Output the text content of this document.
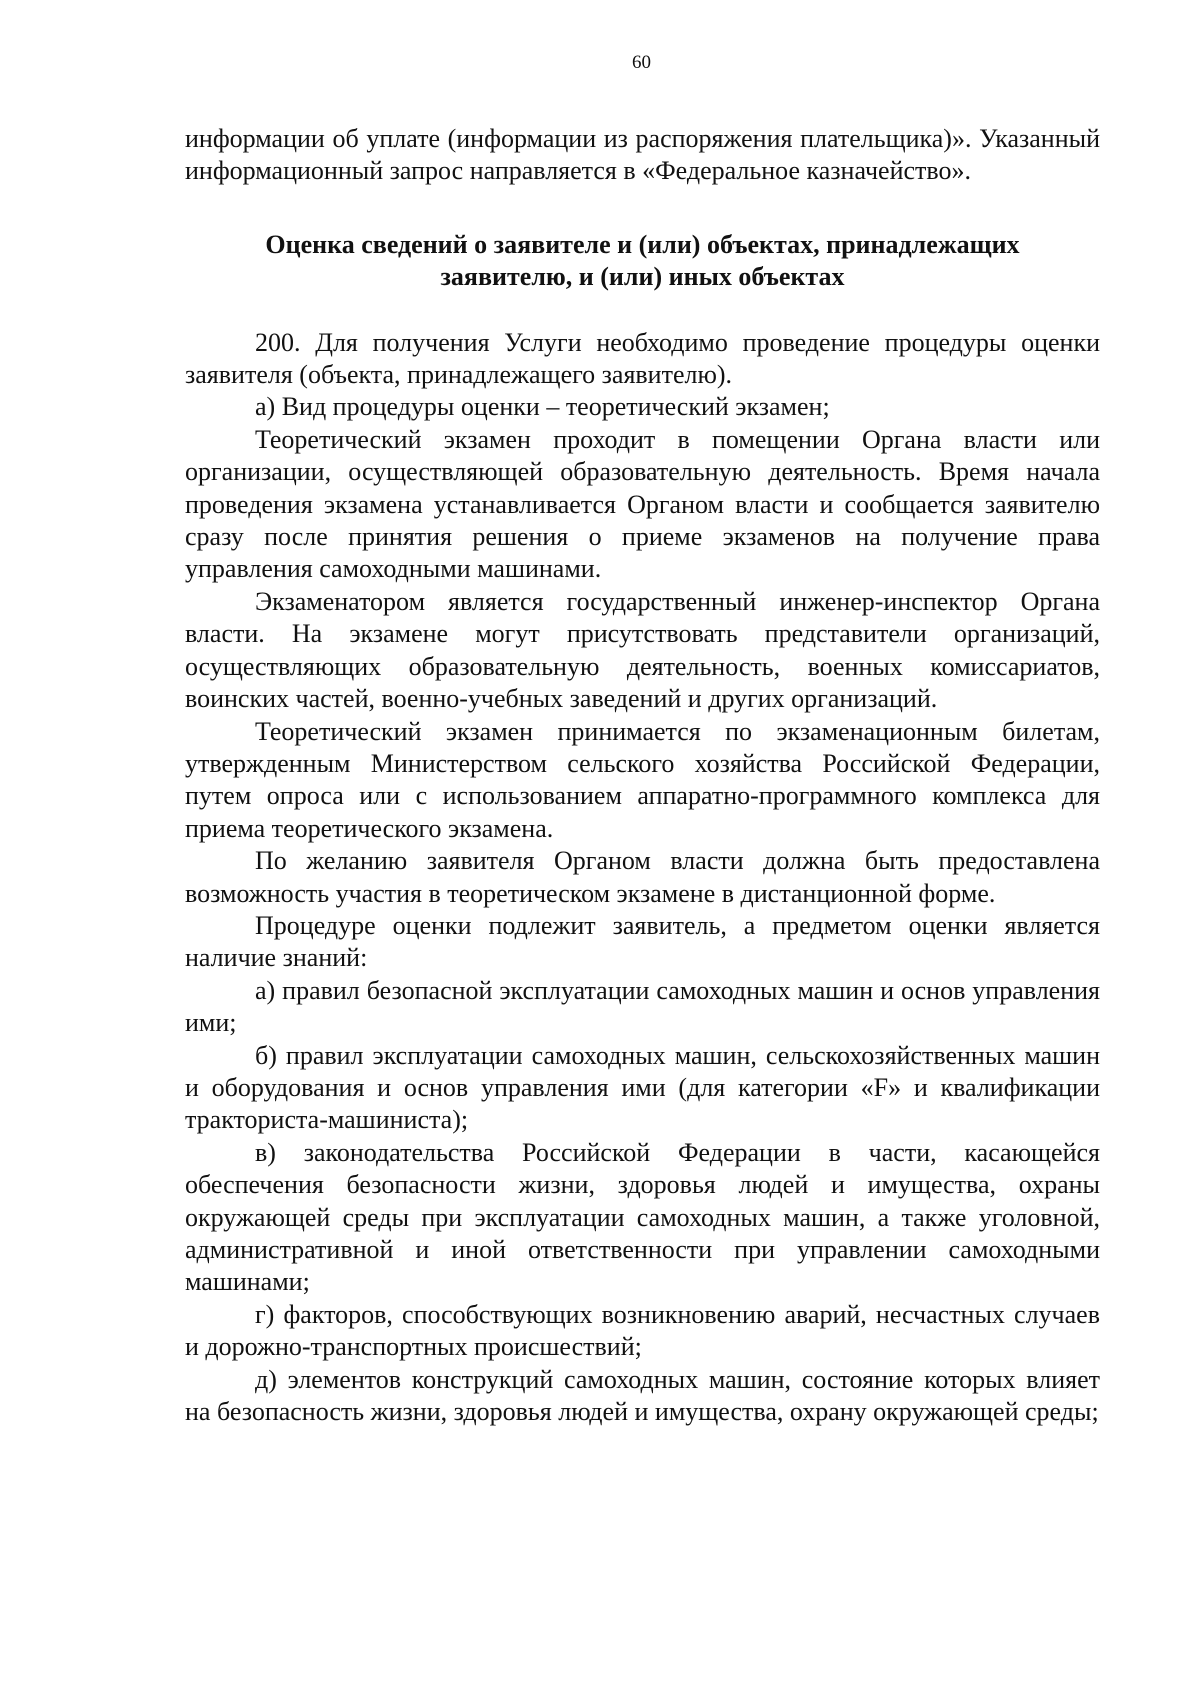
60

информации об уплате (информации из распоряжения плательщика)». Указанный информационный запрос направляется в «Федеральное казначейство».

Оценка сведений о заявителе и (или) объектах, принадлежащих
заявителю, и (или) иных объектах

200. Для получения Услуги необходимо проведение процедуры оценки заявителя (объекта, принадлежащего заявителю).

а) Вид процедуры оценки – теоретический экзамен;

Теоретический экзамен проходит в помещении Органа власти или организации, осуществляющей образовательную деятельность. Время начала проведения экзамена устанавливается Органом власти и сообщается заявителю сразу после принятия решения о приеме экзаменов на получение права управления самоходными машинами.

Экзаменатором является государственный инженер-инспектор Органа власти. На экзамене могут присутствовать представители организаций, осуществляющих образовательную деятельность, военных комиссариатов, воинских частей, военно-учебных заведений и других организаций.

Теоретический экзамен принимается по экзаменационным билетам, утвержденным Министерством сельского хозяйства Российской Федерации, путем опроса или с использованием аппаратно-программного комплекса для приема теоретического экзамена.

По желанию заявителя Органом власти должна быть предоставлена возможность участия в теоретическом экзамене в дистанционной форме.

Процедуре оценки подлежит заявитель, а предметом оценки является наличие знаний:

а) правил безопасной эксплуатации самоходных машин и основ управления ими;

б) правил эксплуатации самоходных машин, сельскохозяйственных машин и оборудования и основ управления ими (для категории «F» и квалификации тракториста-машиниста);

в) законодательства Российской Федерации в части, касающейся обеспечения безопасности жизни, здоровья людей и имущества, охраны окружающей среды при эксплуатации самоходных машин, а также уголовной, административной и иной ответственности при управлении самоходными машинами;

г) факторов, способствующих возникновению аварий, несчастных случаев и дорожно-транспортных происшествий;

д) элементов конструкций самоходных машин, состояние которых влияет на безопасность жизни, здоровья людей и имущества, охрану окружающей среды;
